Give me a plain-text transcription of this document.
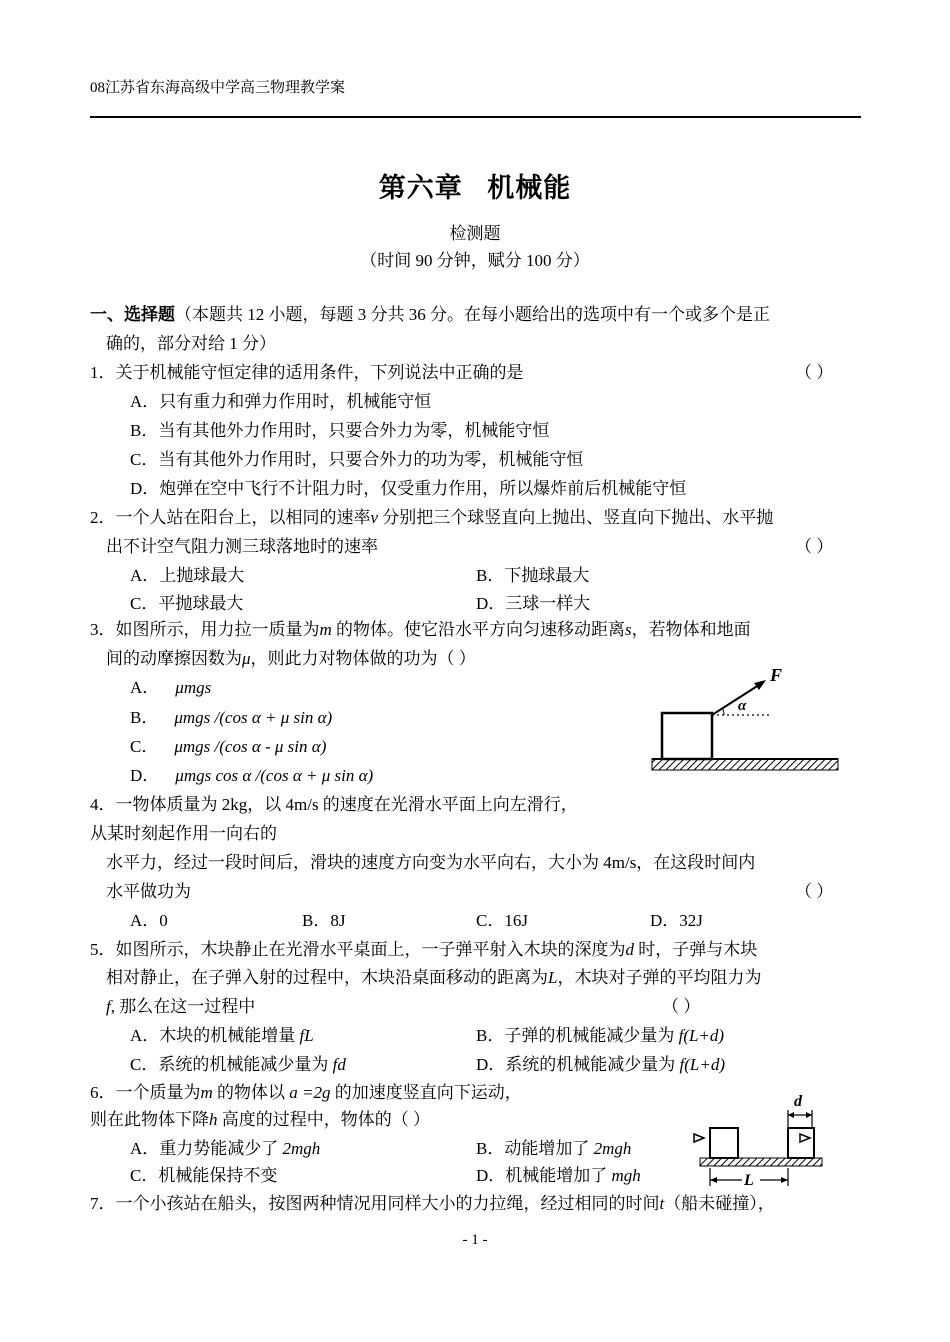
08江苏省东海高级中学高三物理教学案
第六章 机械能
检测题
（时间 90 分钟，赋分 100 分）
一、选择题（本题共 12 小题，每题 3 分共 36 分。在每小题给出的选项中有一个或多个是正
确的，部分对给 1 分）
1．关于机械能守恒定律的适用条件，下列说法中正确的是	（ ）
A．只有重力和弹力作用时，机械能守恒
B．当有其他外力作用时，只要合外力为零，机械能守恒
C．当有其他外力作用时，只要合外力的功为零，机械能守恒
D．炮弹在空中飞行不计阻力时，仅受重力作用，所以爆炸前后机械能守恒
2．一个人站在阳台上，以相同的速率v 分别把三个球竖直向上抛出、竖直向下抛出、水平抛
出不计空气阻力测三球落地时的速率	（ ）
A．上抛球最大	B．下抛球最大
C．平抛球最大	D．三球一样大
3．如图所示，用力拉一质量为m 的物体。使它沿水平方向匀速移动距离s，若物体和地面
间的动摩擦因数为μ，则此力对物体做的功为（ ）
A． μmgs
B． μmgs /(cos α + μ sin α)
C． μmgs /(cos α - μ sin α)
D． μmgs cos α /(cos α + μ sin α)
F
α
4．一物体质量为 2kg，以 4m/s 的速度在光滑水平面上向左滑行，
从某时刻起作用一向右的
水平力，经过一段时间后，滑块的速度方向变为水平向右，大小为 4m/s，在这段时间内
水平做功为	（ ）
A．0	B．8J	C．16J	D．32J
5．如图所示，木块静止在光滑水平桌面上，一子弹平射入木块的深度为d 时，子弹与木块
相对静止，在子弹入射的过程中，木块沿桌面移动的距离为L，木块对子弹的平均阻力为
f, 那么在这一过程中	（ ）
A．木块的机械能增量 fL	B．子弹的机械能减少量为 f(L+d)
C．系统的机械能减少量为 fd	D．系统的机械能减少量为 f(L+d)
6．一个质量为m 的物体以 a =2g 的加速度竖直向下运动，
则在此物体下降h 高度的过程中，物体的（ ）
A．重力势能减少了 2mgh	B．动能增加了 2mgh
C．机械能保持不变	D．机械能增加了 mgh
d
L
7．一个小孩站在船头，按图两种情况用同样大小的力拉绳，经过相同的时间t（船未碰撞），
- 1 -
